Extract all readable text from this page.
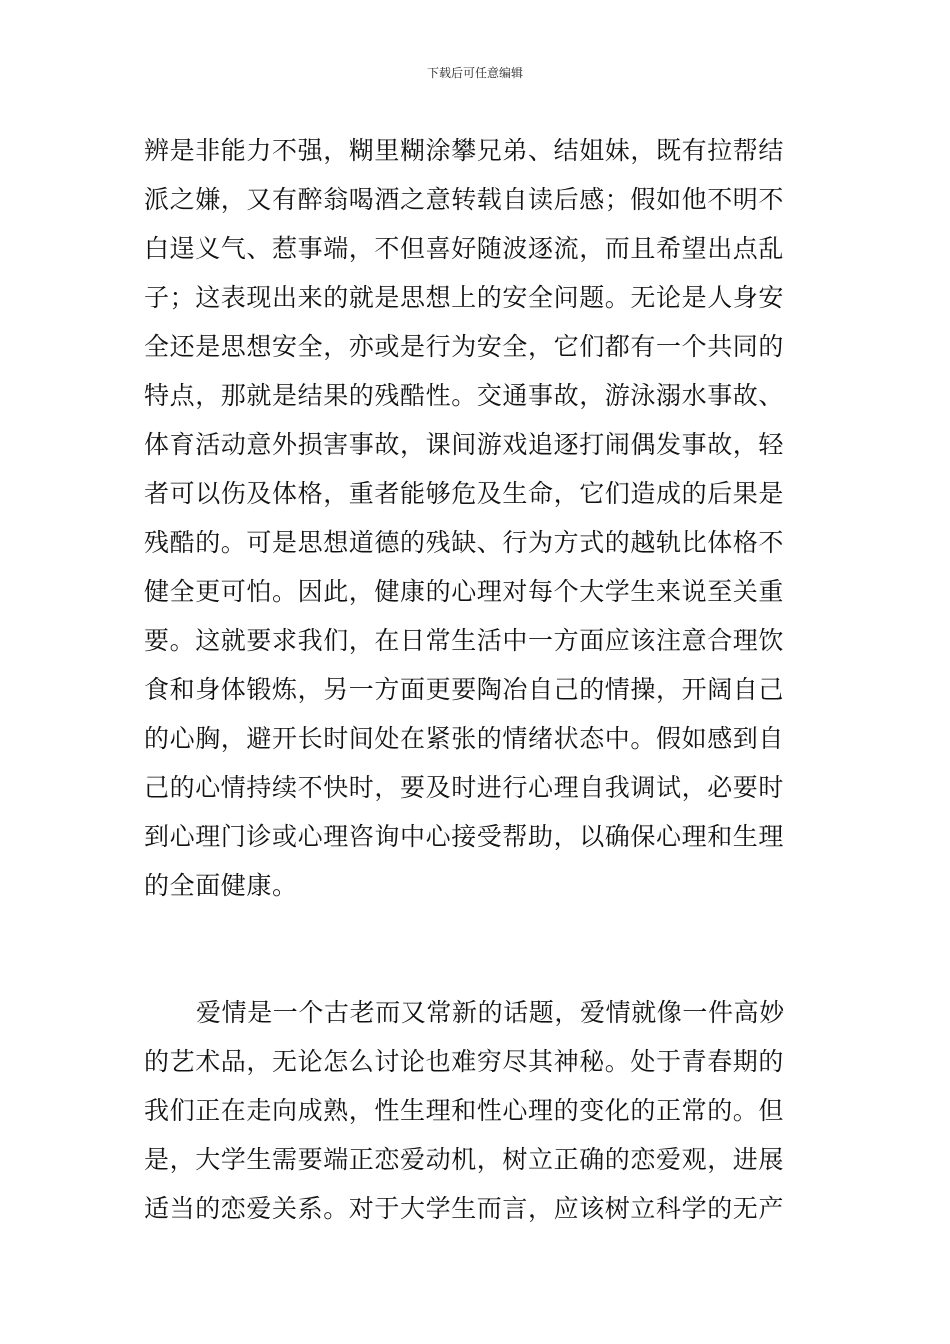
下载后可任意编辑
辨是非能力不强，糊里糊涂攀兄弟、结姐妹，既有拉帮结
派之嫌，又有醉翁喝酒之意转载自读后感；假如他不明不
白逞义气、惹事端，不但喜好随波逐流，而且希望出点乱
子；这表现出来的就是思想上的安全问题。无论是人身安
全还是思想安全，亦或是行为安全，它们都有一个共同的
特点，那就是结果的残酷性。交通事故，游泳溺水事故、
体育活动意外损害事故，课间游戏追逐打闹偶发事故，轻
者可以伤及体格，重者能够危及生命，它们造成的后果是
残酷的。可是思想道德的残缺、行为方式的越轨比体格不
健全更可怕。因此，健康的心理对每个大学生来说至关重
要。这就要求我们，在日常生活中一方面应该注意合理饮
食和身体锻炼，另一方面更要陶冶自己的情操，开阔自己
的心胸，避开长时间处在紧张的情绪状态中。假如感到自
己的心情持续不快时，要及时进行心理自我调试，必要时
到心理门诊或心理咨询中心接受帮助，以确保心理和生理
的全面健康。
爱情是一个古老而又常新的话题，爱情就像一件高妙
的艺术品，无论怎么讨论也难穷尽其神秘。处于青春期的
我们正在走向成熟，性生理和性心理的变化的正常的。但
是，大学生需要端正恋爱动机，树立正确的恋爱观，进展
适当的恋爱关系。对于大学生而言，应该树立科学的无产
